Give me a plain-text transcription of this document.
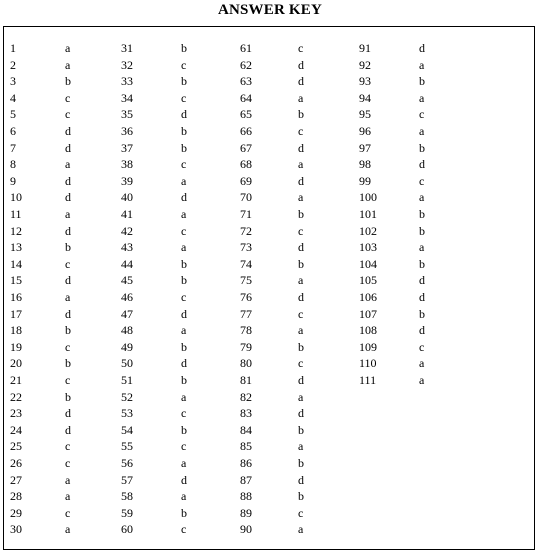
ANSWER KEY
1	a
2	a
3	b
4	c
5	c
6	d
7	d
8	a
9	d
10	d
11	a
12	d
13	b
14	c
15	d
16	a
17	d
18	b
19	c
20	b
21	c
22	b
23	d
24	d
25	c
26	c
27	a
28	a
29	c
30	a
31	b
32	c
33	b
34	c
35	d
36	b
37	b
38	c
39	a
40	d
41	a
42	c
43	a
44	b
45	b
46	c
47	d
48	a
49	b
50	d
51	b
52	a
53	c
54	b
55	c
56	a
57	d
58	a
59	b
60	c
61	c
62	d
63	d
64	a
65	b
66	c
67	d
68	a
69	d
70	a
71	b
72	c
73	d
74	b
75	a
76	d
77	c
78	a
79	b
80	c
81	d
82	a
83	d
84	b
85	a
86	b
87	d
88	b
89	c
90	a
91	d
92	a
93	b
94	a
95	c
96	a
97	b
98	d
99	c
100	a
101	b
102	b
103	a
104	b
105	d
106	d
107	b
108	d
109	c
110	a
111	a
